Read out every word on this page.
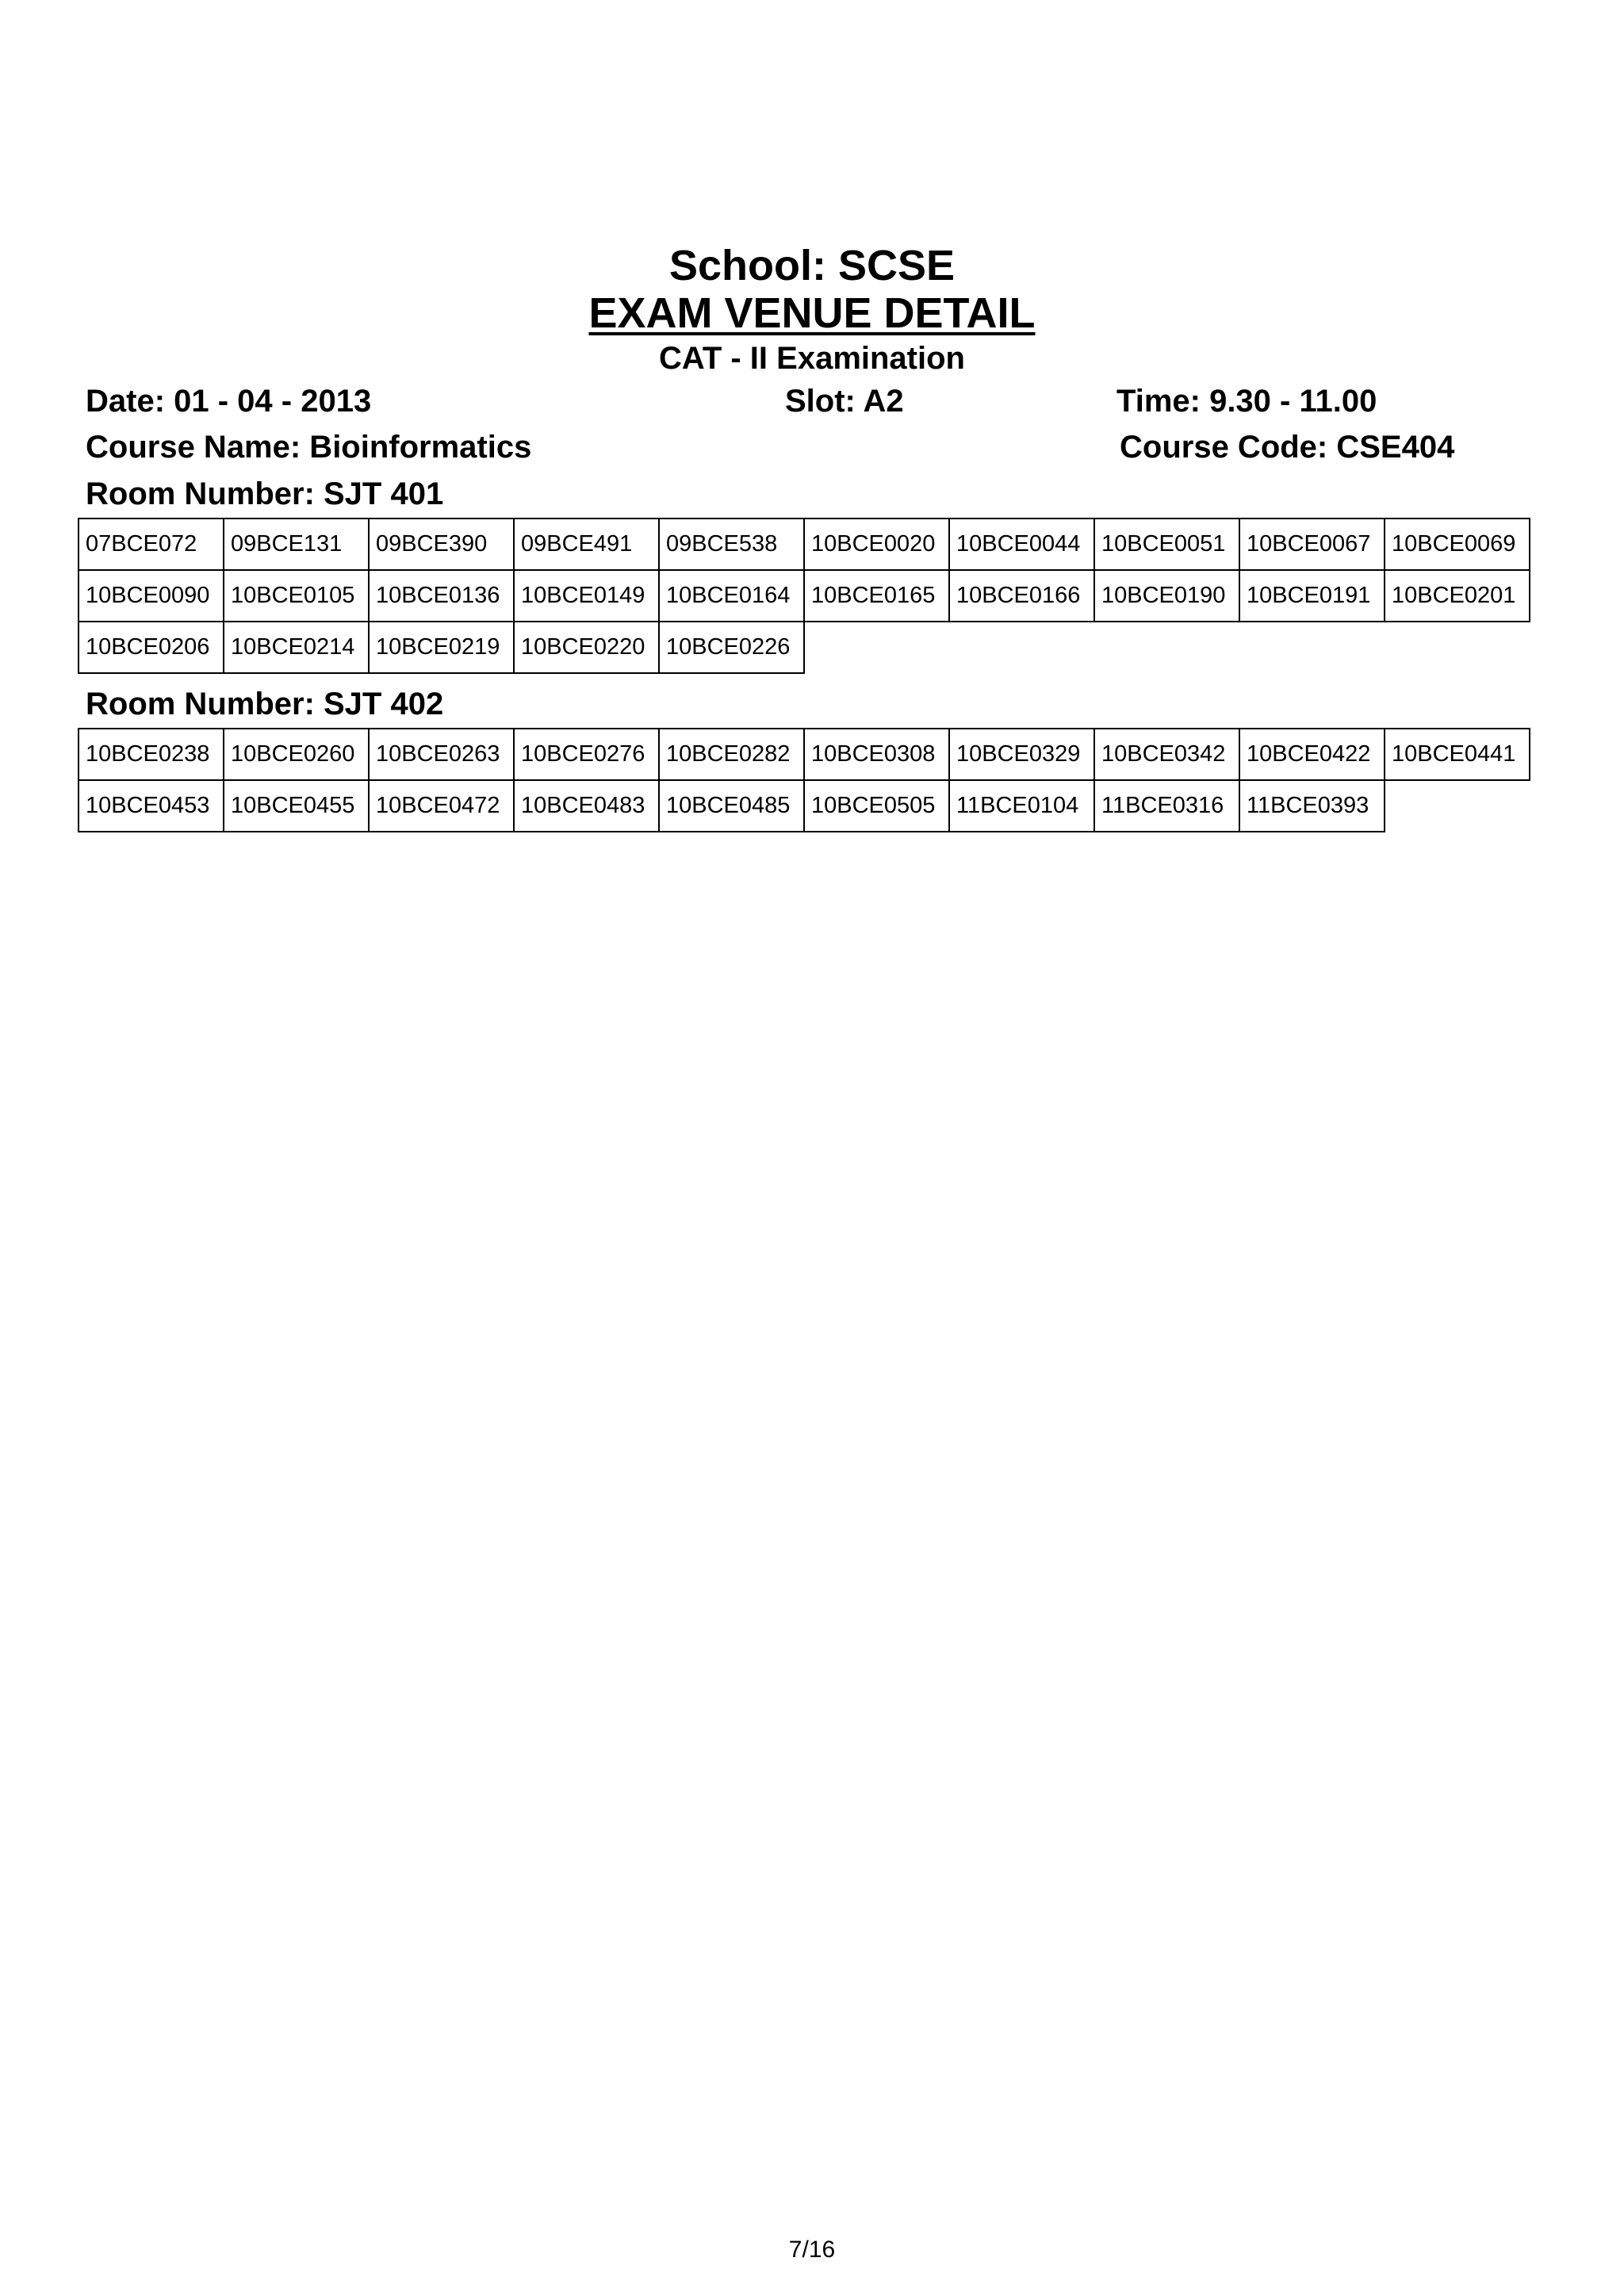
School: SCSE
EXAM VENUE DETAIL
CAT - II Examination
Date: 01 - 04 - 2013	Slot: A2	Time: 9.30 - 11.00
Course Name: Bioinformatics	Course Code: CSE404
Room Number: SJT 401
07BCE072	09BCE131	09BCE390	09BCE491	09BCE538	10BCE0020	10BCE0044	10BCE0051	10BCE0067	10BCE0069
10BCE0090	10BCE0105	10BCE0136	10BCE0149	10BCE0164	10BCE0165	10BCE0166	10BCE0190	10BCE0191	10BCE0201
10BCE0206	10BCE0214	10BCE0219	10BCE0220	10BCE0226					
Room Number: SJT 402
10BCE0238	10BCE0260	10BCE0263	10BCE0276	10BCE0282	10BCE0308	10BCE0329	10BCE0342	10BCE0422	10BCE0441
10BCE0453	10BCE0455	10BCE0472	10BCE0483	10BCE0485	10BCE0505	11BCE0104	11BCE0316	11BCE0393	
7/16
